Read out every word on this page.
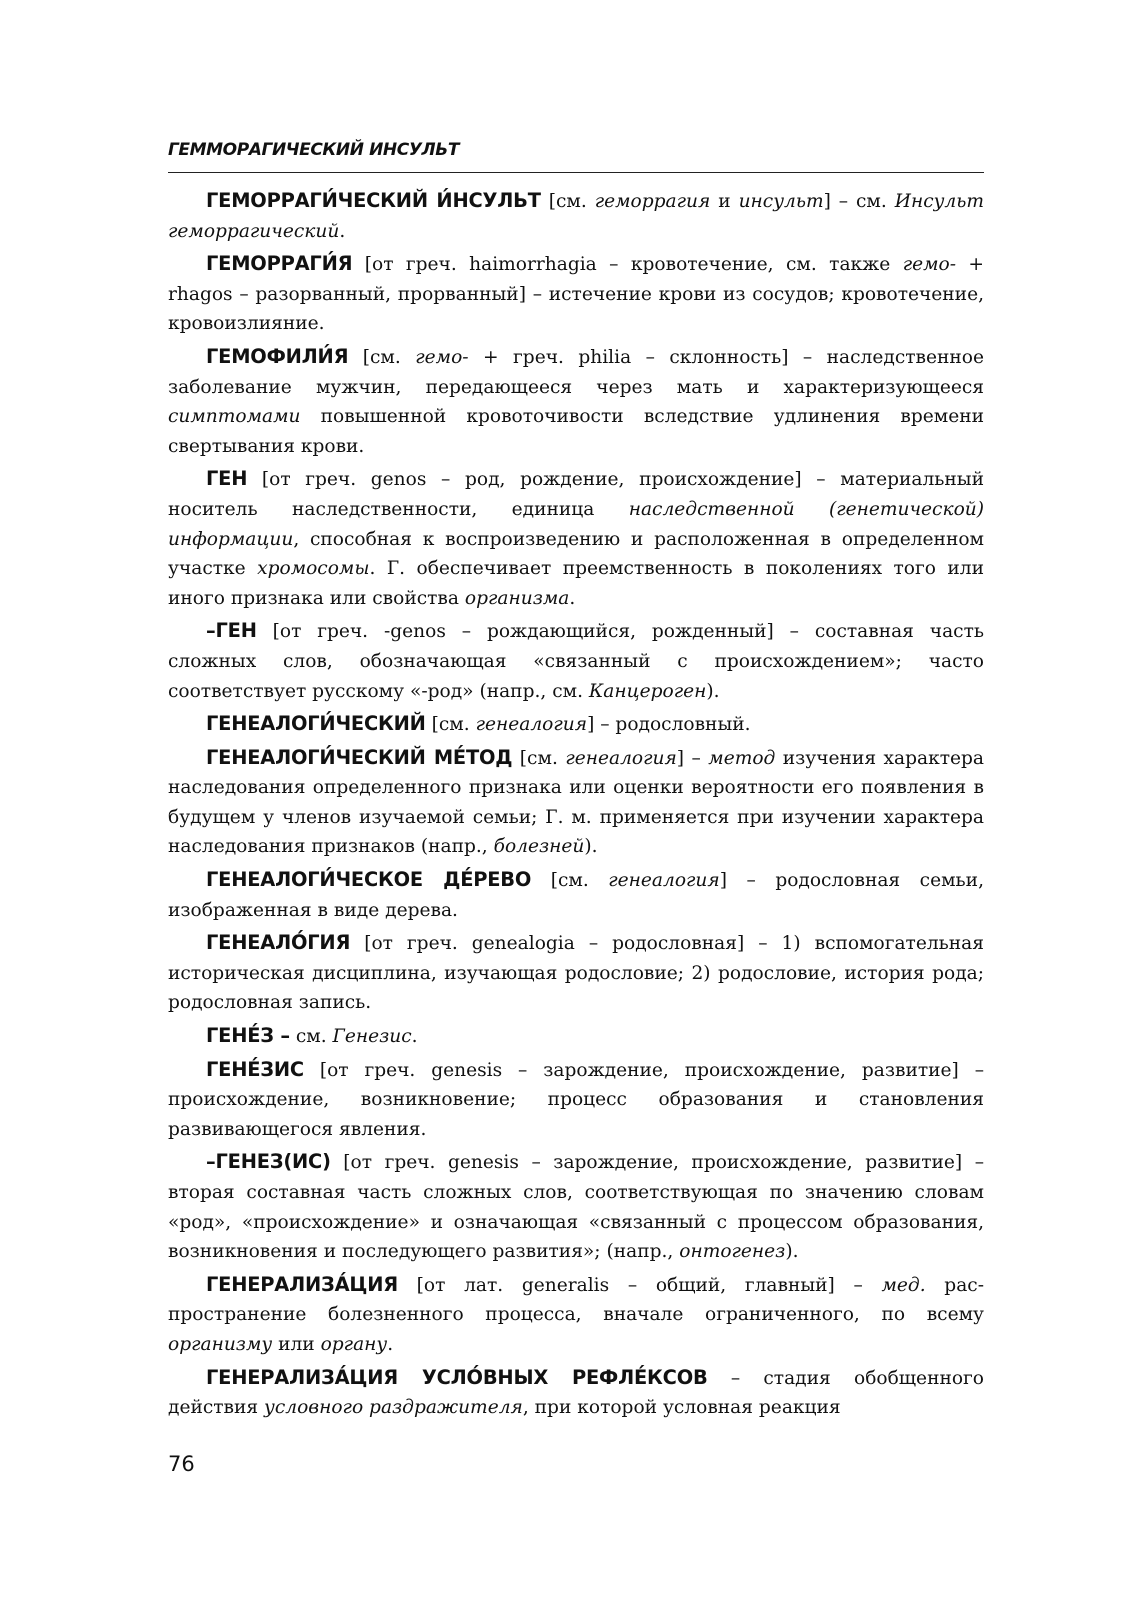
ГЕММОРАГИЧЕСКИЙ ИНСУЛЬТ

ГЕМОРРАГИ́ЧЕСКИЙ И́НСУЛЬТ [см. геморрагия и инсульт] – см. Инсульт геморрагический.

ГЕМОРРАГИ́Я [от греч. haimorrhagia – кровотечение, см. также гемо- + rhagos – разорванный, прорванный] – истечение крови из сосудов; кровотечение, кровоизлияние.

ГЕМОФИЛИ́Я [см. гемо- + греч. philia – склонность] – наследственное заболевание мужчин, передающееся через мать и характеризующееся симптомами повышенной кровоточивости вследствие удлинения времени свертывания крови.

ГЕН [от греч. genos – род, рождение, происхождение] – материальный носитель наследственности, единица наследственной (генетической) информации, способная к воспроизведению и расположенная в определенном участке хромосомы. Г. обеспечивает преемственность в поколениях того или иного признака или свойства организма.

–ГЕН [от греч. -genos – рождающийся, рожденный] – составная часть сложных слов, обозначающая «связанный с происхождением»; часто соответствует русскому «-род» (напр., см. Канцероген).

ГЕНЕАЛОГИ́ЧЕСКИЙ [см. генеалогия] – родословный.

ГЕНЕАЛОГИ́ЧЕСКИЙ МЕ́ТОД [см. генеалогия] – метод изучения характера наследования определенного признака или оценки вероятности его появления в будущем у членов изучаемой семьи; Г. м. применяется при изучении характера наследования признаков (напр., болезней).

ГЕНЕАЛОГИ́ЧЕСКОЕ ДЕ́РЕВО [см. генеалогия] – родословная семьи, изображенная в виде дерева.

ГЕНЕАЛО́ГИЯ [от греч. genealogia – родословная] – 1) вспомогательная историческая дисциплина, изучающая родословие; 2) родословие, история рода; родословная запись.

ГЕНЕ́З – см. Генезис.

ГЕНЕ́ЗИС [от греч. genesis – зарождение, происхождение, развитие] – происхождение, возникновение; процесс образования и становления развивающегося явления.

–ГЕНЕЗ(ИС) [от греч. genesis – зарождение, происхождение, развитие] – вторая составная часть сложных слов, соответствующая по значению словам «род», «происхождение» и означающая «связанный с процессом образования, возникновения и последующего развития»; (напр., онтогенез).

ГЕНЕРАЛИЗА́ЦИЯ [от лат. generalis – общий, главный] – мед. распространение болезненного процесса, вначале ограниченного, по всему организму или органу.

ГЕНЕРАЛИЗА́ЦИЯ УСЛО́ВНЫХ РЕФЛЕ́КСОВ – стадия обобщенного действия условного раздражителя, при которой условная реакция

76
